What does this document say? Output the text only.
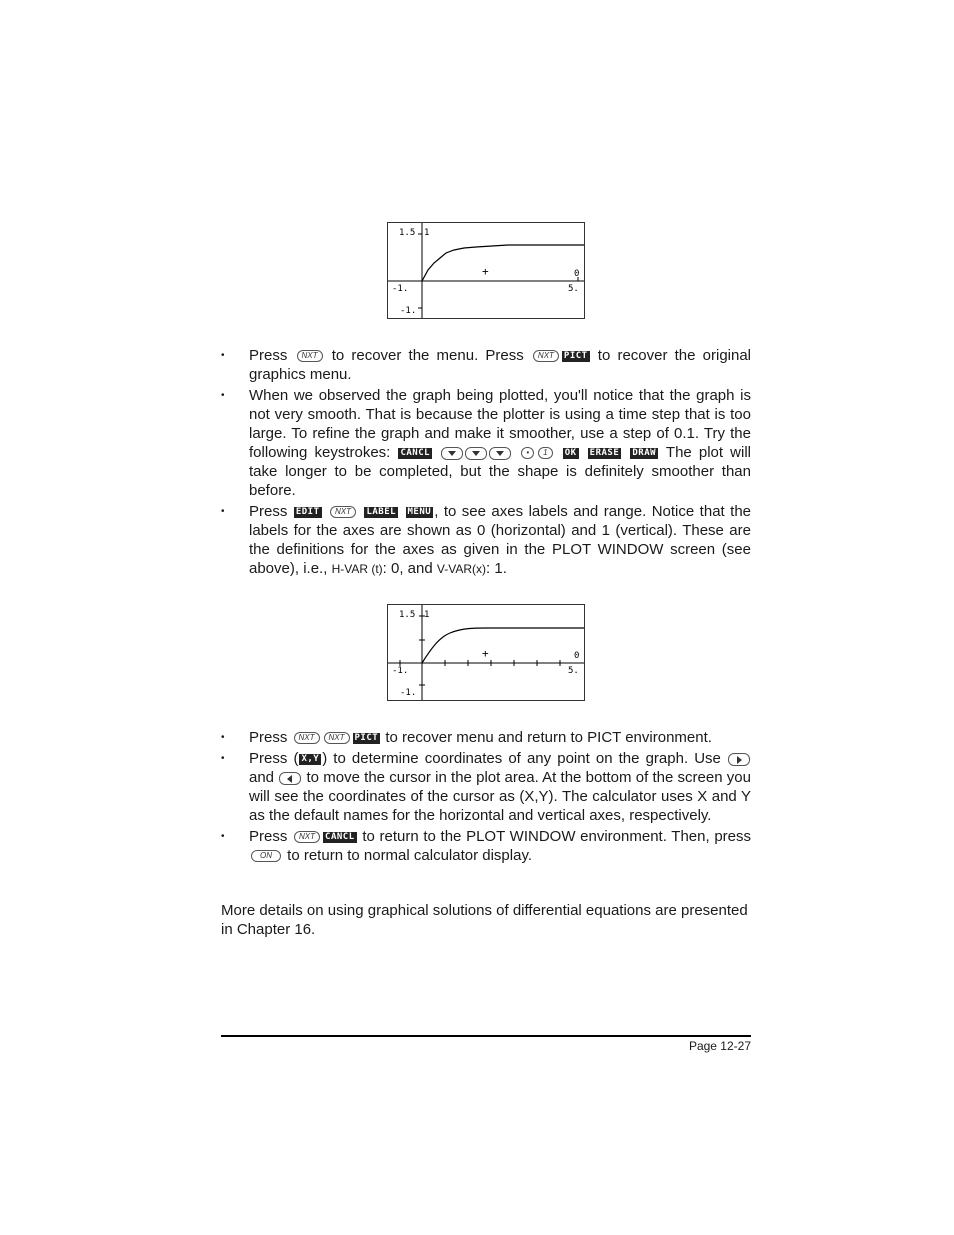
1.5 1
0
-1.	5.
-1.
+
• Press NXT to recover the menu. Press NXT PICT to recover the original graphics menu.
• When we observed the graph being plotted, you'll notice that the graph is not very smooth. That is because the plotter is using a time step that is too large. To refine the graph and make it smoother, use a step of 0.1. Try the following keystrokes: CANCL	• 1 OK ERASE DRAW The plot will take longer to be completed, but the shape is definitely smoother than before.
• Press EDIT NXT LABEL MENU , to see axes labels and range. Notice that the labels for the axes are shown as 0 (horizontal) and 1 (vertical). These are the definitions for the axes as given in the PLOT WINDOW screen (see above), i.e., H-VAR (t): 0, and V-VAR(x): 1.
1.5 1
0
-1.	5.
-1.
+
• Press NXT NXT PICT to recover menu and return to PICT environment.
• Press ( X,Y ) to determine coordinates of any point on the graph. Use  and to move the cursor in the plot area. At the bottom of the screen you will see the coordinates of the cursor as (X,Y). The calculator uses X and Y as the default names for the horizontal and vertical axes, respectively.
• Press NXT CANCL to return to the PLOT WINDOW environment. Then, press ON to return to normal calculator display.

More details on using graphical solutions of differential equations are presented in Chapter 16.

Page 12-27
